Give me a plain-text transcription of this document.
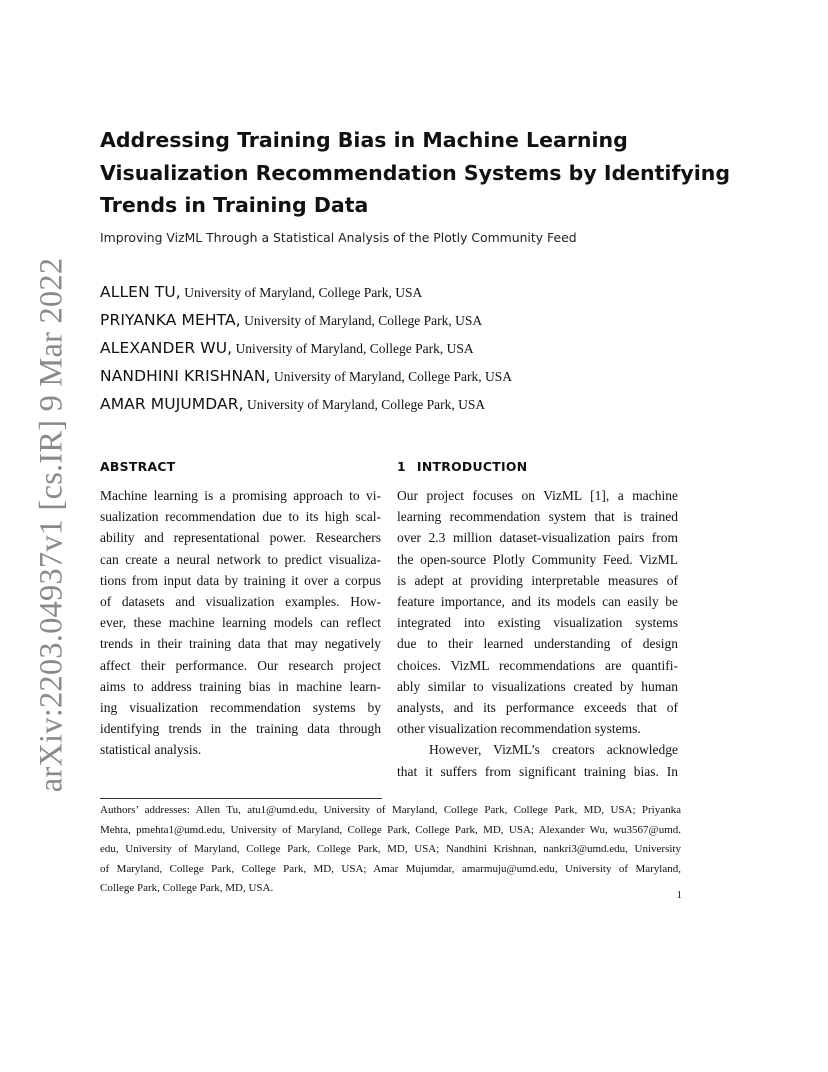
arXiv:2203.04937v1 [cs.IR] 9 Mar 2022
Addressing Training Bias in Machine Learning
Visualization Recommendation Systems by Identifying
Trends in Training Data
Improving VizML Through a Statistical Analysis of the Plotly Community Feed
ALLEN TU, University of Maryland, College Park, USA
PRIYANKA MEHTA, University of Maryland, College Park, USA
ALEXANDER WU, University of Maryland, College Park, USA
NANDHINI KRISHNAN, University of Maryland, College Park, USA
AMAR MUJUMDAR, University of Maryland, College Park, USA
ABSTRACT	1 INTRODUCTION

Machine learning is a promising approach to vi-
sualization recommendation due to its high scal-
ability and representational power. Researchers
can create a neural network to predict visualiza-
tions from input data by training it over a corpus
of datasets and visualization examples. How-
ever, these machine learning models can reflect
trends in their training data that may negatively
affect their performance. Our research project
aims to address training bias in machine learn-
ing visualization recommendation systems by
identifying trends in the training data through
statistical analysis.

Our project focuses on VizML [1], a machine
learning recommendation system that is trained
over 2.3 million dataset-visualization pairs from
the open-source Plotly Community Feed. VizML
is adept at providing interpretable measures of
feature importance, and its models can easily be
integrated into existing visualization systems
due to their learned understanding of design
choices. VizML recommendations are quantifi-
ably similar to visualizations created by human
analysts, and its performance exceeds that of
other visualization recommendation systems.

However, VizML’s creators acknowledge
that it suffers from significant training bias. In

Authors’ addresses: Allen Tu, atu1@umd.edu, University of Maryland, College Park, College Park, MD, USA; Priyanka
Mehta, pmehta1@umd.edu, University of Maryland, College Park, College Park, MD, USA; Alexander Wu, wu3567@umd.
edu, University of Maryland, College Park, College Park, MD, USA; Nandhini Krishnan, nankri3@umd.edu, University
of Maryland, College Park, College Park, MD, USA; Amar Mujumdar, amarmuju@umd.edu, University of Maryland,
College Park, College Park, MD, USA.
1
